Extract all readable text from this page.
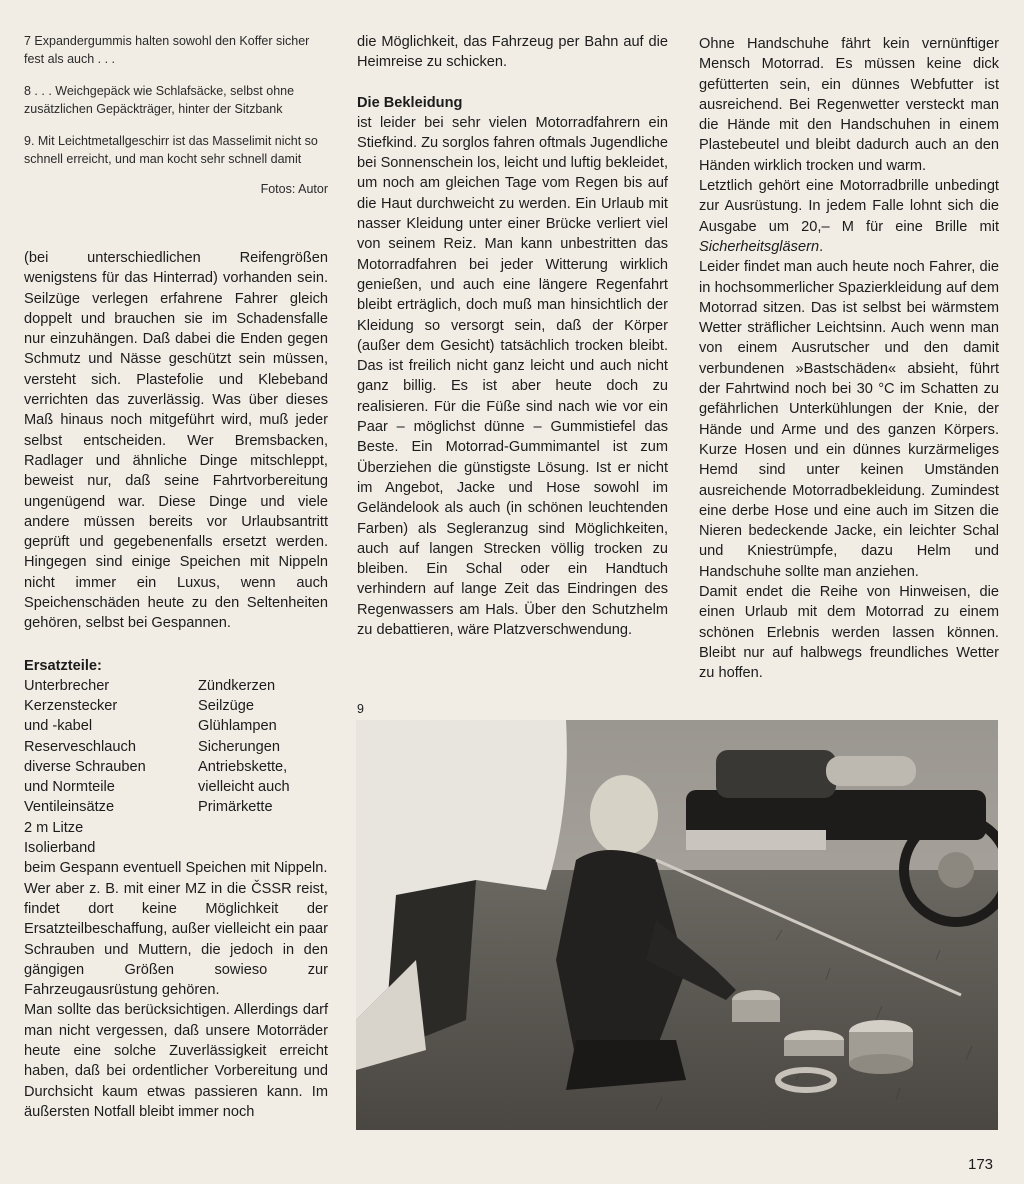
7 Expandergummis halten sowohl den Koffer sicher fest als auch . . .

8 . . . Weichgepäck wie Schlafsäcke, selbst ohne zusätzlichen Gepäckträger, hinter der Sitzbank

9. Mit Leichtmetallgeschirr ist das Masselimit nicht so schnell erreicht, und man kocht sehr schnell damit

Fotos: Autor

(bei unterschiedlichen Reifengrößen wenigstens für das Hinterrad) vorhanden sein. Seilzüge verlegen erfahrene Fahrer gleich doppelt und brauchen sie im Schadensfalle nur einzuhängen. Daß dabei die Enden gegen Schmutz und Nässe geschützt sein müssen, versteht sich. Plastefolie und Klebeband verrichten das zuverlässig. Was über dieses Maß hinaus noch mitgeführt wird, muß jeder selbst entscheiden. Wer Bremsbacken, Radlager und ähnliche Dinge mitschleppt, beweist nur, daß seine Fahrtvorbereitung ungenügend war. Diese Dinge und viele andere müssen bereits vor Urlaubsantritt geprüft und gegebenenfalls ersetzt werden. Hingegen sind einige Speichen mit Nippeln nicht immer ein Luxus, wenn auch Speichenschäden heute zu den Seltenheiten gehören, selbst bei Gespannen.

Ersatzteile:

Unterbrecher	Zündkerzen
Kerzenstecker	Seilzüge
und -kabel	Glühlampen
Reserveschlauch	Sicherungen
diverse Schrauben	Antriebskette,
und Normteile	vielleicht auch
Ventileinsätze	Primärkette
2 m Litze
Isolierband

beim Gespann eventuell Speichen mit Nippeln.

Wer aber z. B. mit einer MZ in die ČSSR reist, findet dort keine Möglichkeit der Ersatzteilbeschaffung, außer vielleicht ein paar Schrauben und Muttern, die jedoch in den gängigen Größen sowieso zur Fahrzeugausrüstung gehören.

Man sollte das berücksichtigen. Allerdings darf man nicht vergessen, daß unsere Motorräder heute eine solche Zuverlässigkeit erreicht haben, daß bei ordentlicher Vorbereitung und Durchsicht kaum etwas passieren kann. Im äußersten Notfall bleibt immer noch

die Möglichkeit, das Fahrzeug per Bahn auf die Heimreise zu schicken.

Die Bekleidung

ist leider bei sehr vielen Motorradfahrern ein Stiefkind. Zu sorglos fahren oftmals Jugendliche bei Sonnenschein los, leicht und luftig bekleidet, um noch am gleichen Tage vom Regen bis auf die Haut durchweicht zu werden. Ein Urlaub mit nasser Kleidung unter einer Brücke verliert viel von seinem Reiz. Man kann unbestritten das Motorradfahren bei jeder Witterung wirklich genießen, und auch eine längere Regenfahrt bleibt erträglich, doch muß man hinsichtlich der Kleidung so versorgt sein, daß der Körper (außer dem Gesicht) tatsächlich trocken bleibt. Das ist freilich nicht ganz leicht und auch nicht ganz billig. Es ist aber heute doch zu realisieren. Für die Füße sind nach wie vor ein Paar – möglichst dünne – Gummistiefel das Beste. Ein Motorrad-Gummimantel ist zum Überziehen die günstigste Lösung. Ist er nicht im Angebot, Jacke und Hose sowohl im Geländelook als auch (in schönen leuchtenden Farben) als Segleranzug sind Möglichkeiten, auch auf langen Strecken völlig trocken zu bleiben. Ein Schal oder ein Handtuch verhindern auf lange Zeit das Eindringen des Regenwassers am Hals. Über den Schutzhelm zu debattieren, wäre Platzverschwendung.

Ohne Handschuhe fährt kein vernünftiger Mensch Motorrad. Es müssen keine dick gefütterten sein, ein dünnes Webfutter ist ausreichend. Bei Regenwetter versteckt man die Hände mit den Handschuhen in einem Plastebeutel und bleibt dadurch auch an den Händen wirklich trocken und warm.

Letztlich gehört eine Motorradbrille unbedingt zur Ausrüstung. In jedem Falle lohnt sich die Ausgabe um 20,– M für eine Brille mit Sicherheitsgläsern.

Leider findet man auch heute noch Fahrer, die in hochsommerlicher Spazierkleidung auf dem Motorrad sitzen. Das ist selbst bei wärmstem Wetter sträflicher Leichtsinn. Auch wenn man von einem Ausrutscher und den damit verbundenen »Bastschäden« absieht, führt der Fahrtwind noch bei 30 °C im Schatten zu gefährlichen Unterkühlungen der Knie, der Hände und Arme und des ganzen Körpers. Kurze Hosen und ein dünnes kurzärmeliges Hemd sind unter keinen Umständen ausreichende Motorradbekleidung. Zumindest eine derbe Hose und eine auch im Sitzen die Nieren bedeckende Jacke, ein leichter Schal und Kniestrümpfe, dazu Helm und Handschuhe sollte man anziehen.

Damit endet die Reihe von Hinweisen, die einen Urlaub mit dem Motorrad zu einem schönen Erlebnis werden lassen können. Bleibt nur auf halbwegs freundliches Wetter zu hoffen.

9
173
